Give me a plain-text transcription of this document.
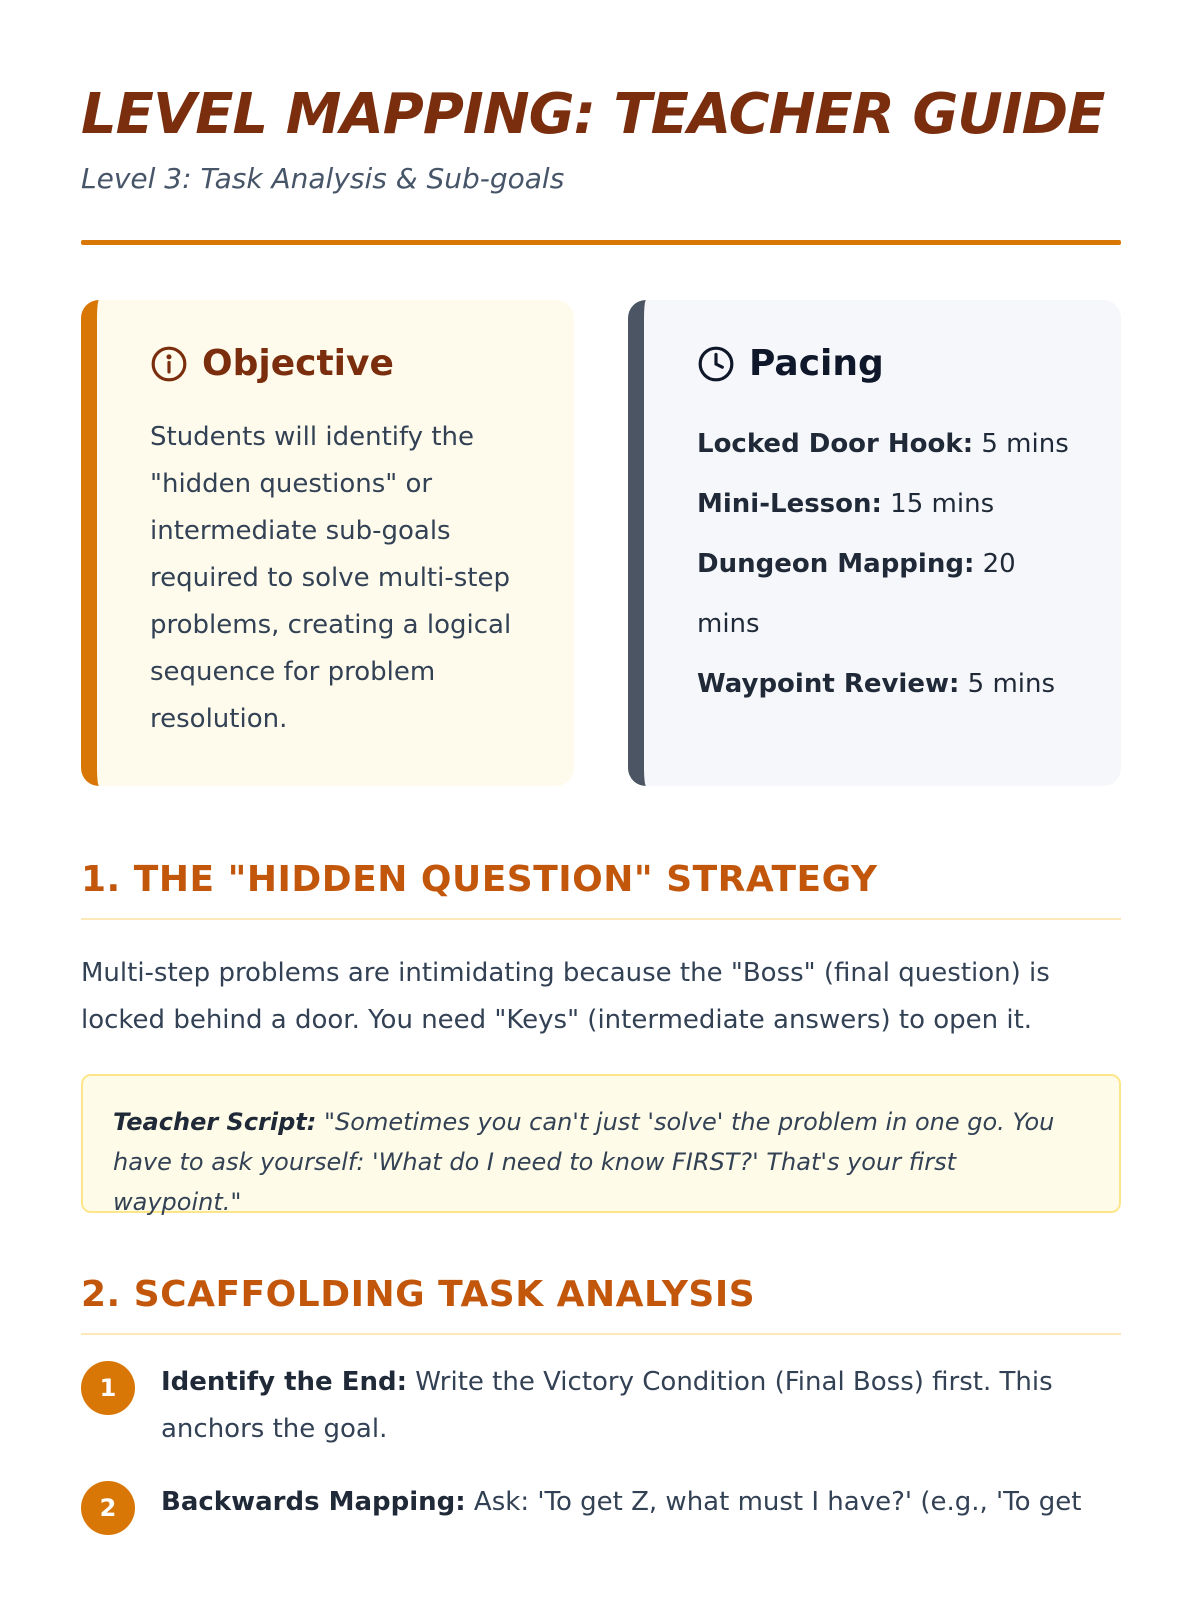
LEVEL MAPPING: TEACHER GUIDE
Level 3: Task Analysis & Sub-goals
Objective
Students will identify the "hidden questions" or intermediate sub-goals required to solve multi-step problems, creating a logical sequence for problem resolution.
Pacing
Locked Door Hook: 5 mins
Mini-Lesson: 15 mins
Dungeon Mapping: 20 mins
Waypoint Review: 5 mins
1. THE "HIDDEN QUESTION" STRATEGY
Multi-step problems are intimidating because the "Boss" (final question) is locked behind a door. You need "Keys" (intermediate answers) to open it.
Teacher Script: "Sometimes you can't just 'solve' the problem in one go. You have to ask yourself: 'What do I need to know FIRST?' That's your first waypoint."
2. SCAFFOLDING TASK ANALYSIS
1	Identify the End: Write the Victory Condition (Final Boss) first. This anchors the goal.
2	Backwards Mapping: Ask: 'To get Z, what must I have?' (e.g., 'To get
